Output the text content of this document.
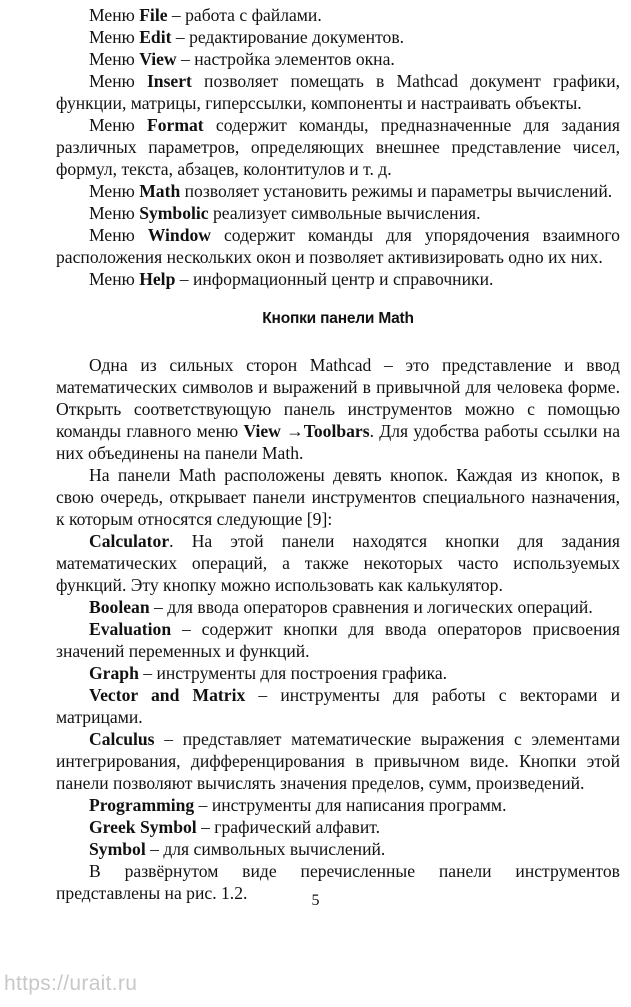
Меню File – работа с файлами.

Меню Edit – редактирование документов.

Меню View – настройка элементов окна.

Меню Insert позволяет помещать в Mathcad документ графики, функции, матрицы, гиперссылки, компоненты и настраивать объекты.

Меню Format содержит команды, предназначенные для задания различных параметров, определяющих внешнее представление чисел, формул, текста, абзацев, колонтитулов и т. д.

Меню Math позволяет установить режимы и параметры вычислений.

Меню Symbolic реализует символьные вычисления.

Меню Window содержит команды для упорядочения взаимного расположения нескольких окон и позволяет активизировать одно их них.

Меню Help – информационный центр и справочники.

Кнопки панели Math

Одна из сильных сторон Mathcad – это представление и ввод математических символов и выражений в привычной для человека форме. Открыть соответствующую панель инструментов можно с помощью команды главного меню View →Toolbars. Для удобства работы ссылки на них объединены на панели Math.

На панели Math расположены девять кнопок. Каждая из кнопок, в свою очередь, открывает панели инструментов специального назначения, к которым относятся следующие [9]:

Calculator. На этой панели находятся кнопки для задания математических операций, а также некоторых часто используемых функций. Эту кнопку можно использовать как калькулятор.

Boolean – для ввода операторов сравнения и логических операций.

Evaluation – содержит кнопки для ввода операторов присвоения значений переменных и функций.

Graph – инструменты для построения графика.

Vector and Matrix – инструменты для работы с векторами и матрицами.

Calculus – представляет математические выражения с элементами интегрирования, дифференцирования в привычном виде. Кнопки этой панели позволяют вычислять значения пределов, сумм, произведений.

Programming – инструменты для написания программ.

Greek Symbol – графический алфавит.

Symbol – для символьных вычислений.

В развёрнутом виде перечисленные панели инструментов представлены на рис. 1.2.	5
https://urait.ru
